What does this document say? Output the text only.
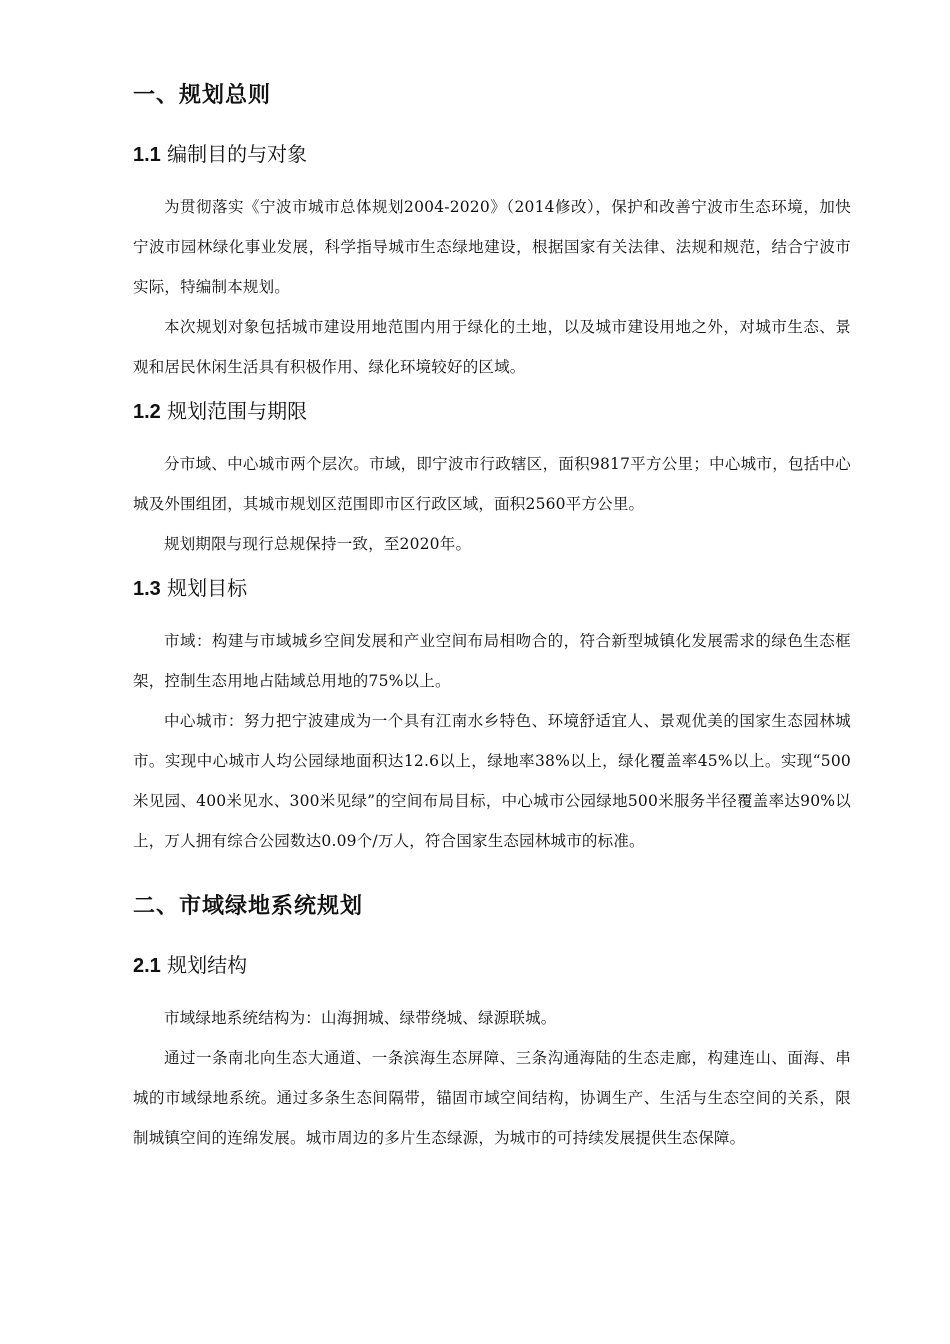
一、规划总则
1.1 编制目的与对象

为贯彻落实《宁波市城市总体规划2004-2020》（2014修改），保护和改善宁波市生态环境，加快宁波市园林绿化事业发展，科学指导城市生态绿地建设，根据国家有关法律、法规和规范，结合宁波市实际，特编制本规划。

本次规划对象包括城市建设用地范围内用于绿化的土地，以及城市建设用地之外，对城市生态、景观和居民休闲生活具有积极作用、绿化环境较好的区域。

1.2 规划范围与期限

分市域、中心城市两个层次。市域，即宁波市行政辖区，面积9817平方公里；中心城市，包括中心城及外围组团，其城市规划区范围即市区行政区域，面积2560平方公里。

规划期限与现行总规保持一致，至2020年。

1.3 规划目标

市域：构建与市域城乡空间发展和产业空间布局相吻合的，符合新型城镇化发展需求的绿色生态框架，控制生态用地占陆域总用地的75%以上。

中心城市：努力把宁波建成为一个具有江南水乡特色、环境舒适宜人、景观优美的国家生态园林城市。实现中心城市人均公园绿地面积达12.6以上，绿地率38%以上，绿化覆盖率45%以上。实现“500米见园、400米见水、300米见绿”的空间布局目标，中心城市公园绿地500米服务半径覆盖率达90%以上，万人拥有综合公园数达0.09个/万人，符合国家生态园林城市的标准。

二、市域绿地系统规划
2.1 规划结构

市域绿地系统结构为：山海拥城、绿带绕城、绿源联城。

通过一条南北向生态大通道、一条滨海生态屏障、三条沟通海陆的生态走廊，构建连山、面海、串城的市域绿地系统。通过多条生态间隔带，锚固市域空间结构，协调生产、生活与生态空间的关系，限制城镇空间的连绵发展。城市周边的多片生态绿源，为城市的可持续发展提供生态保障。
